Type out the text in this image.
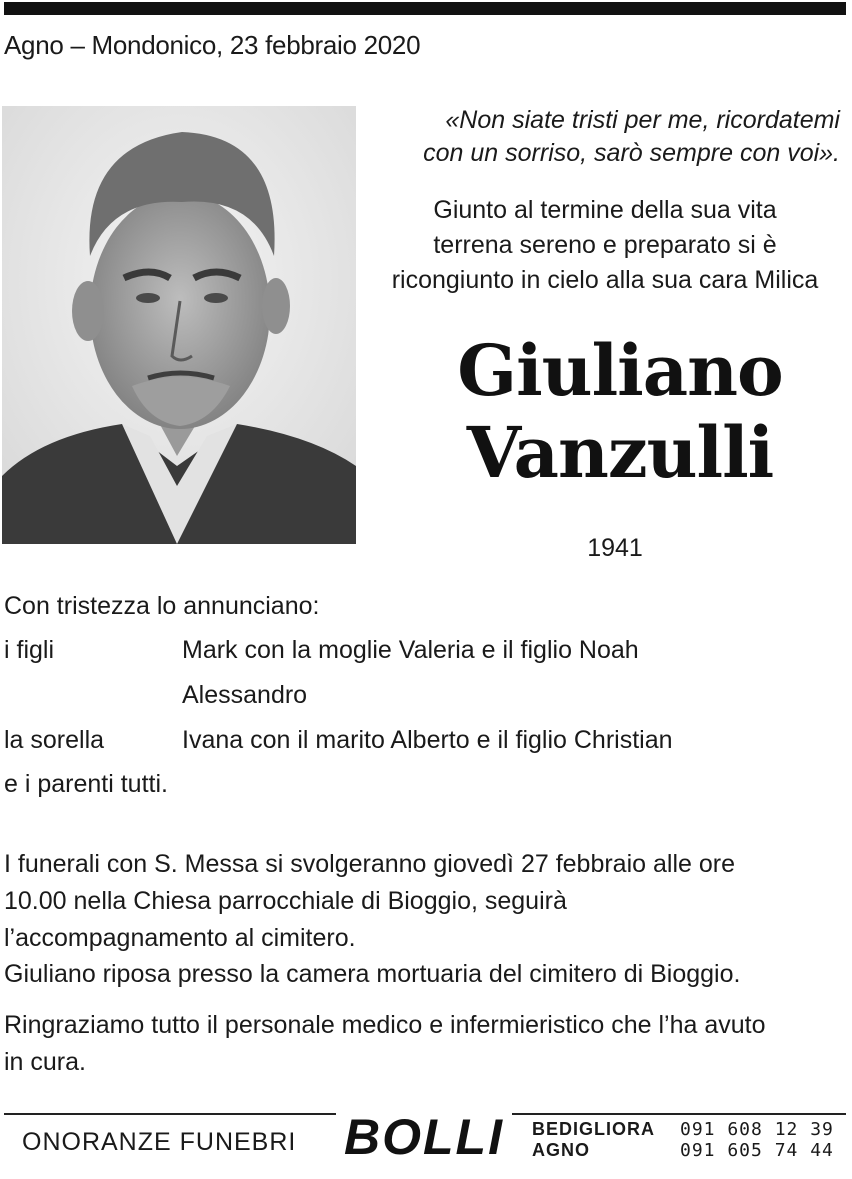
Agno – Mondonico, 23 febbraio 2020
«Non siate tristi per me, ricordatemi
con un sorriso, sarò sempre con voi».
Giunto al termine della sua vita
terrena sereno e preparato si è
ricongiunto in cielo alla sua cara Milica
Giuliano
Vanzulli
1941
Con tristezza lo annunciano:
i figli	Mark con la moglie Valeria e il figlio Noah
Alessandro
la sorella	Ivana con il marito Alberto e il figlio Christian
e i parenti tutti.
I funerali con S. Messa si svolgeranno giovedì 27 febbraio alle ore
10.00 nella Chiesa parrocchiale di Bioggio, seguirà
l’accompagnamento al cimitero.
Giuliano riposa presso la camera mortuaria del cimitero di Bioggio.
Ringraziamo tutto il personale medico e infermieristico che l’ha avuto
in cura.
ONORANZE FUNEBRI BOLLI BEDIGLIORA 091 608 12 39
AGNO	091 605 74 44
